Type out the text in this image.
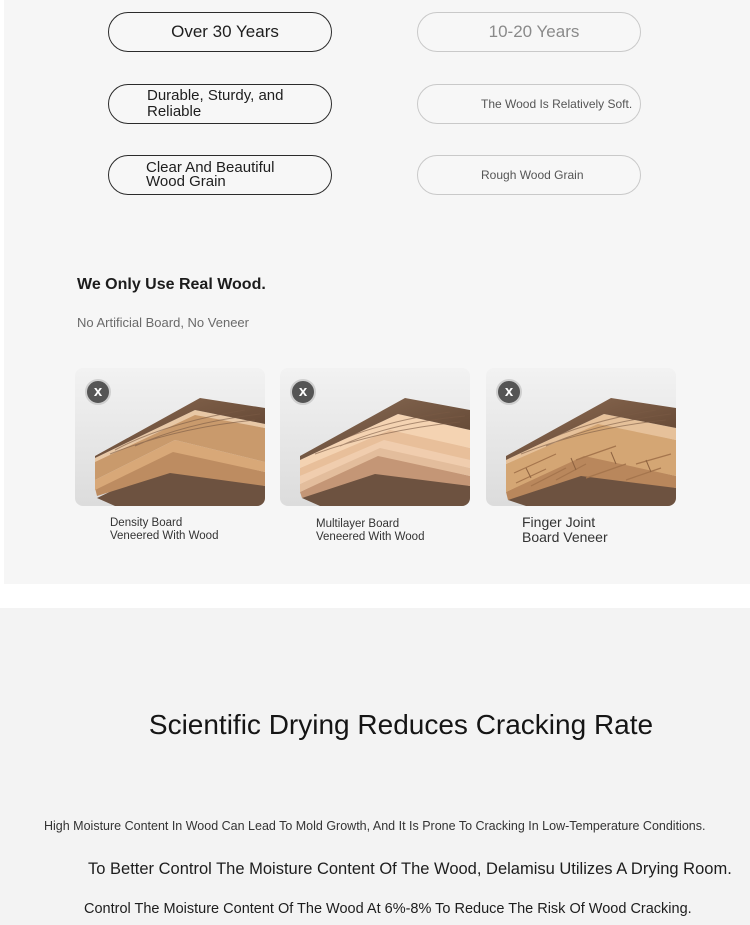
Over 30 Years	10-20 Years
Durable, Sturdy, and Reliable	The Wood Is Relatively Soft.
Clear And Beautiful Wood Grain	Rough Wood Grain
We Only Use Real Wood.
No Artificial Board, No Veneer
x	x	x
Density Board
Veneered With Wood
Multilayer Board
Veneered With Wood
Finger Joint
Board Veneer
Scientific Drying Reduces Cracking Rate
High Moisture Content In Wood Can Lead To Mold Growth, And It Is Prone To Cracking In Low-Temperature Conditions.
To Better Control The Moisture Content Of The Wood, Delamisu Utilizes A Drying Room.
Control The Moisture Content Of The Wood At 6%-8% To Reduce The Risk Of Wood Cracking.
